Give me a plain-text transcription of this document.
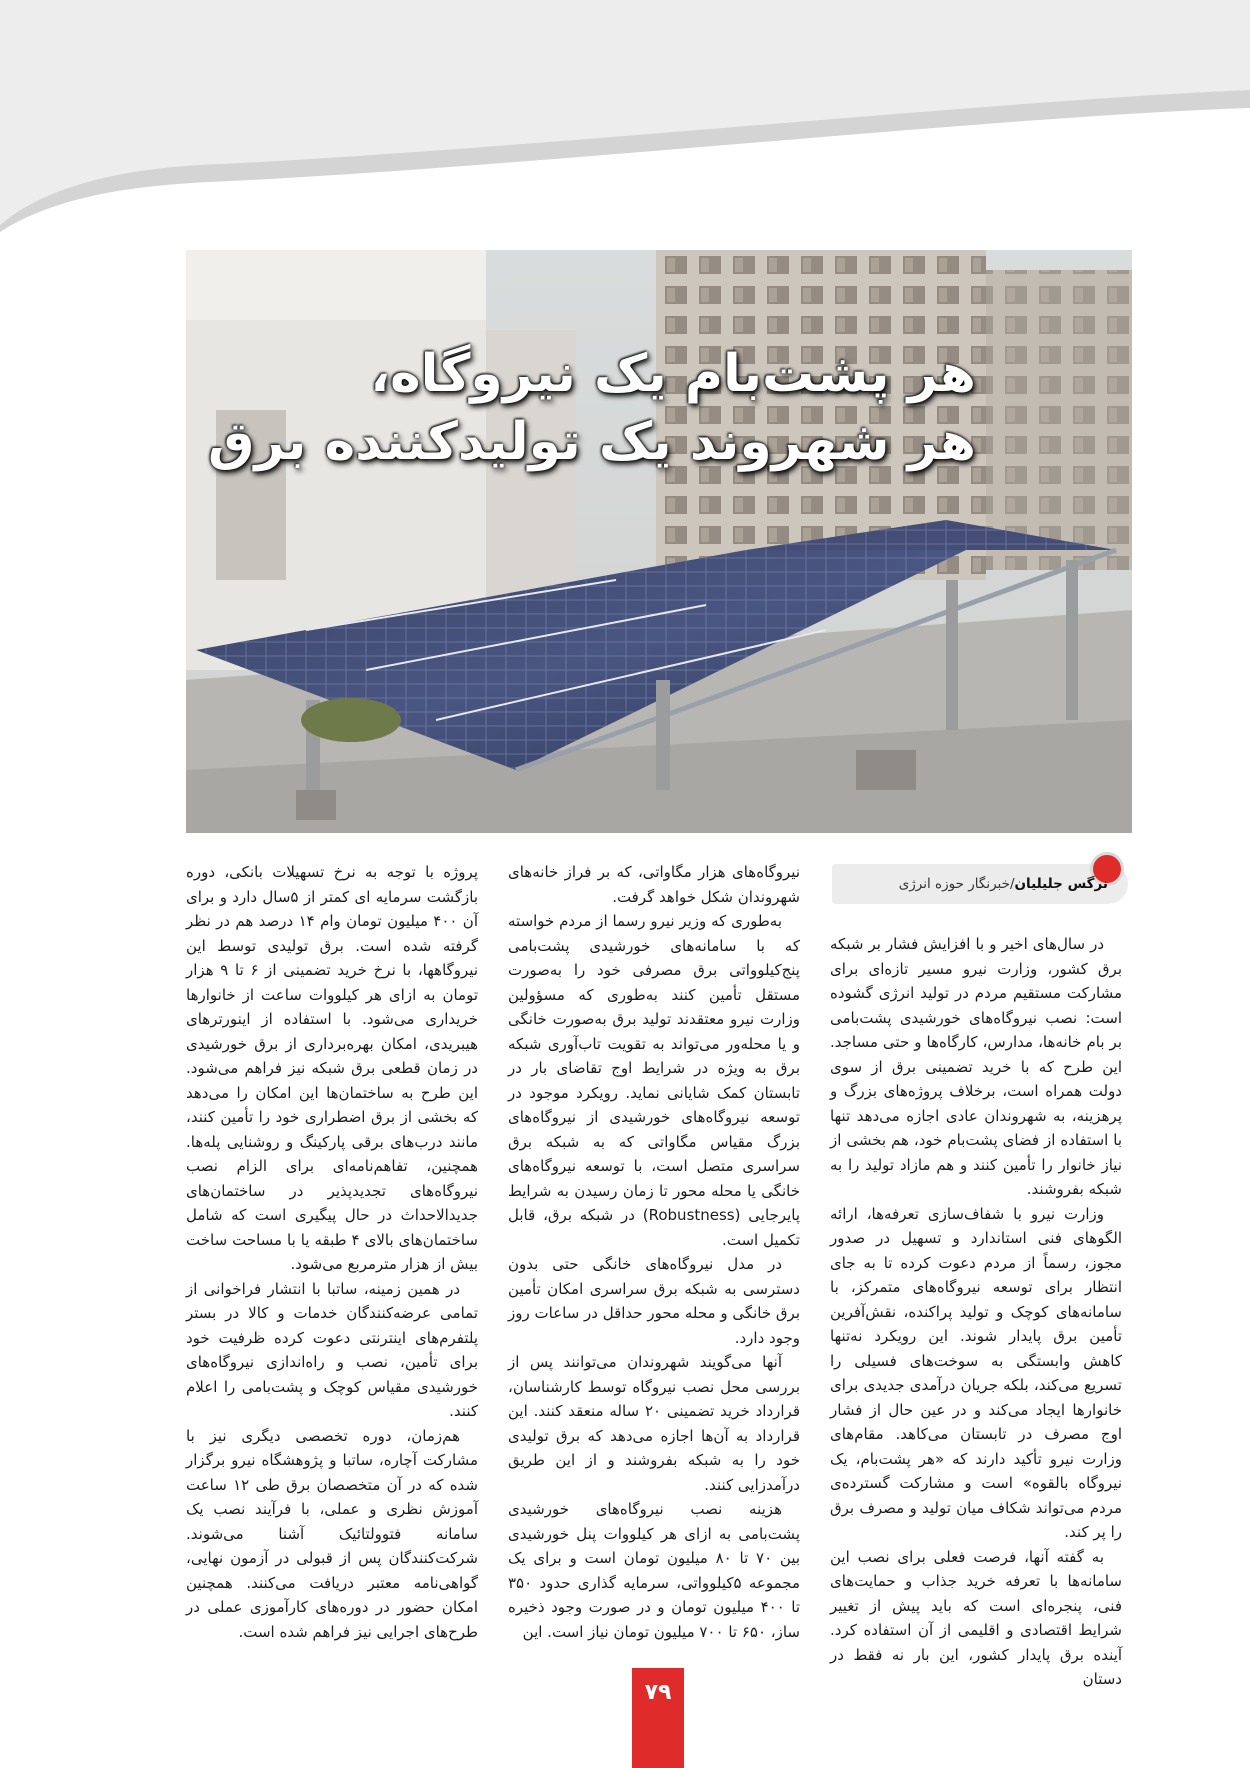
هر پشت‌بام یک نیروگاه،
هر شهروند یک تولیدکننده برق
نرگس جلیلیان/خبرنگار حوزه انرژی

در سال‌های اخیر و با افزایش فشار بر شبکه برق کشور، وزارت نیرو مسیر تازه‌ای برای مشارکت مستقیم مردم در تولید انرژی گشوده است: نصب نیروگاه‌های خورشیدی پشت‌بامی بر بام خانه‌ها، مدارس، کارگاه‌ها و حتی مساجد. این طرح که با خرید تضمینی برق از سوی دولت همراه است، برخلاف پروژه‌های بزرگ و پرهزینه، به شهروندان عادی اجازه می‌دهد تنها با استفاده از فضای پشت‌بام خود، هم بخشی از نیاز خانوار را تأمین کنند و هم مازاد تولید را به شبکه بفروشند.

وزارت نیرو با شفاف‌سازی تعرفه‌ها، ارائه الگوهای فنی استاندارد و تسهیل در صدور مجوز، رسماً از مردم دعوت کرده تا به جای انتظار برای توسعه نیروگاه‌های متمرکز، با سامانه‌های کوچک و تولید پراکنده، نقش‌آفرین تأمین برق پایدار شوند. این رویکرد نه‌تنها کاهش وابستگی به سوخت‌های فسیلی را تسریع می‌کند، بلکه جریان درآمدی جدیدی برای خانوارها ایجاد می‌کند و در عین حال از فشار اوج مصرف در تابستان می‌کاهد. مقام‌های وزارت نیرو تأکید دارند که «هر پشت‌بام، یک نیروگاه بالقوه» است و مشارکت گسترده‌ی مردم می‌تواند شکاف میان تولید و مصرف برق را پر کند.

به گفته آنها، فرصت فعلی برای نصب این سامانه‌ها با تعرفه خرید جذاب و حمایت‌های فنی، پنجره‌ای است که باید پیش از تغییر شرایط اقتصادی و اقلیمی از آن استفاده کرد. آینده برق پایدار کشور، این بار نه فقط در دستان

نیروگاه‌های هزار مگاواتی، که بر فراز خانه‌های شهروندان شکل خواهد گرفت.

به‌طوری که وزیر نیرو رسما از مردم خواسته که با سامانه‌های خورشیدی پشت‌بامی پنج‌کیلوواتی برق مصرفی خود را به‌صورت مستقل تأمین کنند به‌طوری که مسؤولین وزارت نیرو معتقدند تولید برق به‌صورت خانگی و یا محله‌ور می‌تواند به تقویت تاب‌آوری شبکه برق به ویژه در شرایط اوج تقاضای بار در تابستان کمک شایانی نماید. رویکرد موجود در توسعه نیروگاه‌های خورشیدی از نیروگاه‌های بزرگ مقیاس مگاواتی که به شبکه برق سراسری متصل است، با توسعه نیروگاه‌های خانگی یا محله محور تا زمان رسیدن به شرایط پایرجایی (Robustness) در شبکه برق، قابل تکمیل است.

در مدل نیروگاه‌های خانگی حتی بدون دسترسی به شبکه برق سراسری امکان تأمین برق خانگی و محله محور حداقل در ساعات روز وجود دارد.

آنها می‌گویند شهروندان می‌توانند پس از بررسی محل نصب نیروگاه توسط کارشناسان، قرارداد خرید تضمینی ۲۰ ساله منعقد کنند. این قرارداد به آن‌ها اجازه می‌دهد که برق تولیدی خود را به شبکه بفروشند و از این طریق درآمدزایی کنند.

هزینه نصب نیروگاه‌های خورشیدی پشت‌بامی به ازای هر کیلووات پنل خورشیدی بین ۷۰ تا ۸۰ میلیون تومان است و برای یک مجموعه ۵کیلوواتی، سرمایه گذاری حدود ۳۵۰ تا ۴۰۰ میلیون تومان و در صورت وجود ذخیره ساز، ۶۵۰ تا ۷۰۰ میلیون تومان نیاز است. این

پروژه با توجه به نرخ تسهیلات بانکی، دوره بازگشت سرمایه ای کمتر از ۵سال دارد و برای آن ۴۰۰ میلیون تومان وام ۱۴ درصد هم در نظر گرفته شده است. برق تولیدی توسط این نیروگاهها، با نرخ خرید تضمینی از ۶ تا ۹ هزار تومان به ازای هر کیلووات ساعت از خانوارها خریداری می‌شود. با استفاده از اینورترهای هیبریدی، امکان بهره‌برداری از برق خورشیدی در زمان قطعی برق شبکه نیز فراهم می‌شود. این طرح به ساختمان‌ها این امکان را می‌دهد که بخشی از برق اضطراری خود را تأمین کنند، مانند درب‌های برقی پارکینگ و روشنایی پله‌ها. همچنین، تفاهم‌نامه‌ای برای الزام نصب نیروگاه‌های تجدیدپذیر در ساختمان‌های جدیدالاحداث در حال پیگیری است که شامل ساختمان‌های بالای ۴ طبقه یا با مساحت ساخت بیش از هزار مترمربع می‌شود.

در همین زمینه، ساتبا با انتشار فراخوانی از تمامی عرضه‌کنندگان خدمات و کالا در بستر پلتفرم‌های اینترنتی دعوت کرده ظرفیت خود برای تأمین، نصب و راه‌اندازی نیروگاه‌های خورشیدی مقیاس کوچک و پشت‌بامی را اعلام کنند.

هم‌زمان، دوره تخصصی دیگری نیز با مشارکت آچاره، ساتبا و پژوهشگاه نیرو برگزار شده که در آن متخصصان برق طی ۱۲ ساعت آموزش نظری و عملی، با فرآیند نصب یک سامانه فتوولتائیک آشنا می‌شوند. شرکت‌کنندگان پس از قبولی در آزمون نهایی، گواهی‌نامه معتبر دریافت می‌کنند. همچنین امکان حضور در دوره‌های کارآموزی عملی در طرح‌های اجرایی نیز فراهم شده است.

۷۹
